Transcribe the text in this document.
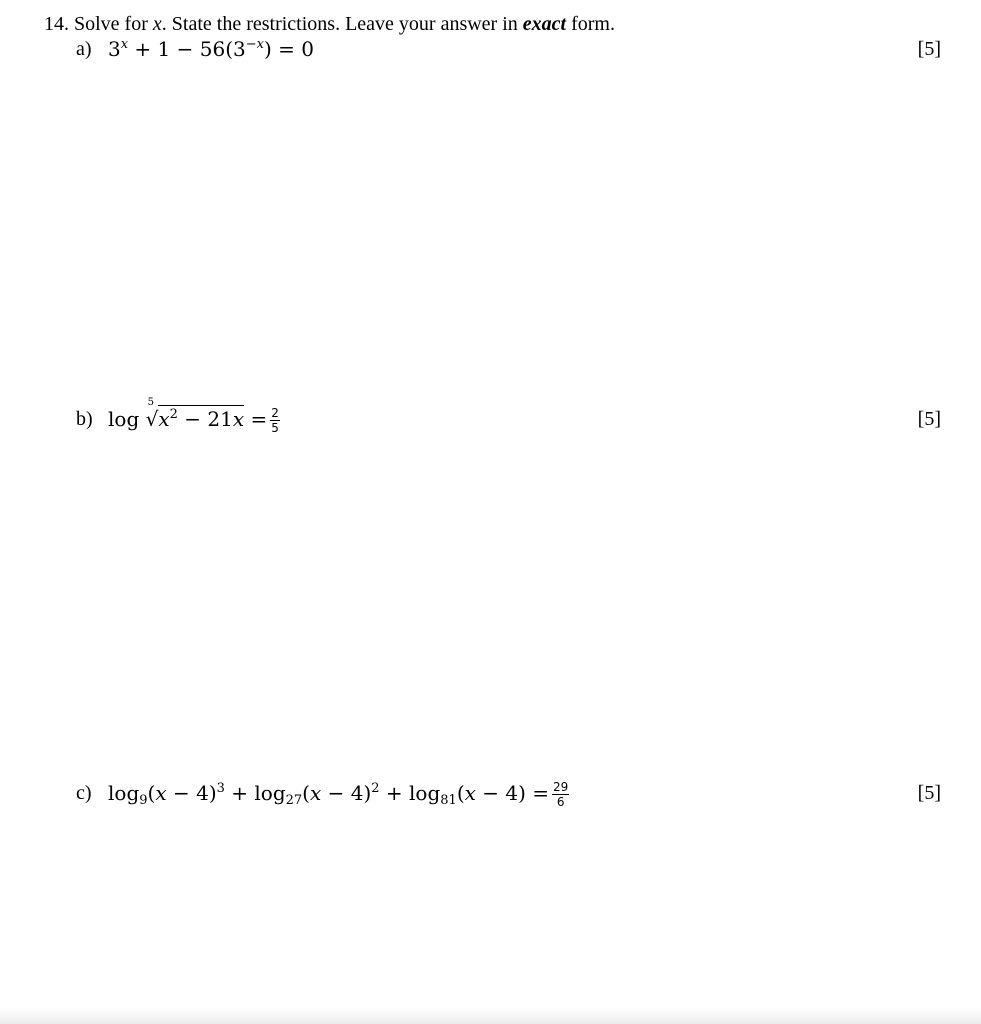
14. Solve for x. State the restrictions. Leave your answer in exact form.
a) $3^x + 1 - 56(3^{-x}) = 0$	[5]
b) log
5
$√x^2 - 21x = \frac{2}{5}$	[5]
c) $\log_9(x - 4)^3 + \log_{27}(x - 4)^2 + \log_{81}(x - 4) = \frac{29}{6}$	[5]
